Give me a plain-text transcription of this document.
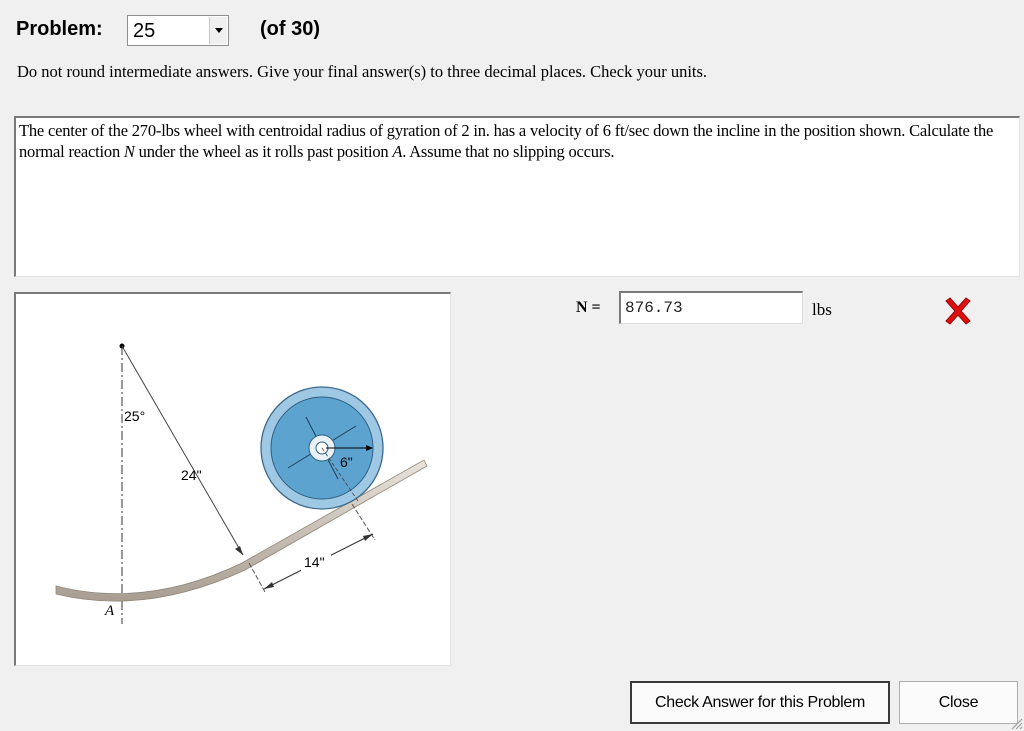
Problem: 25	(of 30)
Do not round intermediate answers. Give your final answer(s) to three decimal places. Check your units.
The center of the 270-lbs wheel with centroidal radius of gyration of 2 in. has a velocity of 6 ft/sec down the incline in the position shown. Calculate the normal reaction N under the wheel as it rolls past position A. Assume that no slipping occurs.
25°
24"
6"
14"
A
N =
876.73	lbs
Check Answer for this Problem	Close
